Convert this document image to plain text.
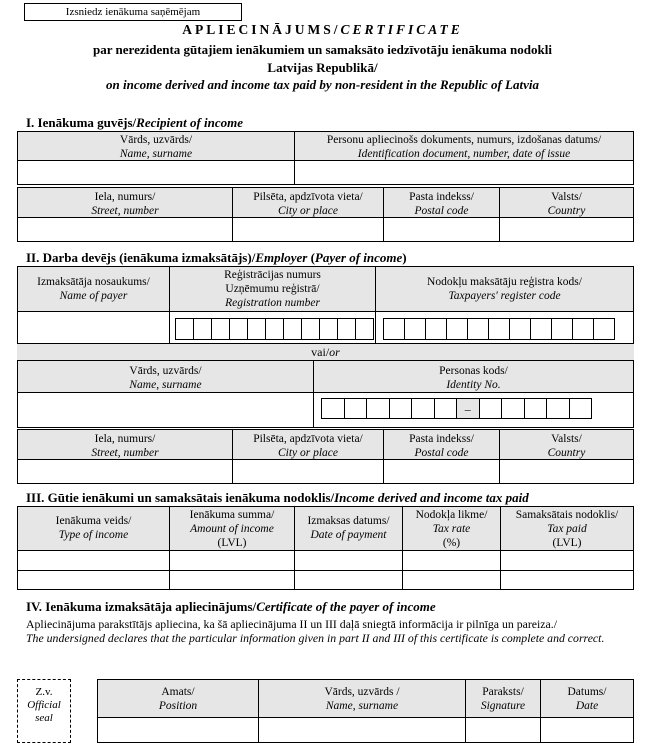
Izsniedz ienākuma saņēmējam
APLIECINĀJUMS/CERTIFICATE
par nerezidenta gūtajiem ienākumiem un samaksāto iedzīvotāju ienākuma nodokli
Latvijas Republikā/
on income derived and income tax paid by non-resident in the Republic of Latvia
I. Ienākuma guvējs/Recipient of income
Vārds, uzvārds/
Name, surname
Personu apliecinošs dokuments, numurs, izdošanas datums/
Identification document, number, date of issue
Iela, numurs/
Street, number
Pilsēta, apdzīvota vieta/
City or place
Pasta indekss/
Postal code
Valsts/
Country
II. Darba devējs (ienākuma izmaksātājs)/Employer (Payer of income)
Izmaksātāja nosaukums/
Name of payer
Reģistrācijas numurs
Uzņēmumu reģistrā/
Registration number
Nodokļu maksātāju reģistra kods/
Taxpayers' register code
vai/or
Vārds, uzvārds/
Name, surname
Personas kods/
Identity No.
–
Iela, numurs/
Street, number
Pilsēta, apdzīvota vieta/
City or place
Pasta indekss/
Postal code
Valsts/
Country
III. Gūtie ienākumi un samaksātais ienākuma nodoklis/Income derived and income tax paid
Ienākuma veids/
Type of income
Ienākuma summa/
Amount of income
(LVL)
Izmaksas datums/
Date of payment
Nodokļa likme/
Tax rate
(%)
Samaksātais nodoklis/
Tax paid
(LVL)
IV. Ienākuma izmaksātāja apliecinājums/Certificate of the payer of income
Apliecinājuma parakstītājs apliecina, ka šā apliecinājuma II un III daļā sniegtā informācija ir pilnīga un pareiza./
The undersigned declares that the particular information given in part II and III of this certificate is complete and correct.
Z.v.
Official
seal
Amats/
Position
Vārds, uzvārds /
Name, surname
Paraksts/
Signature
Datums/
Date
